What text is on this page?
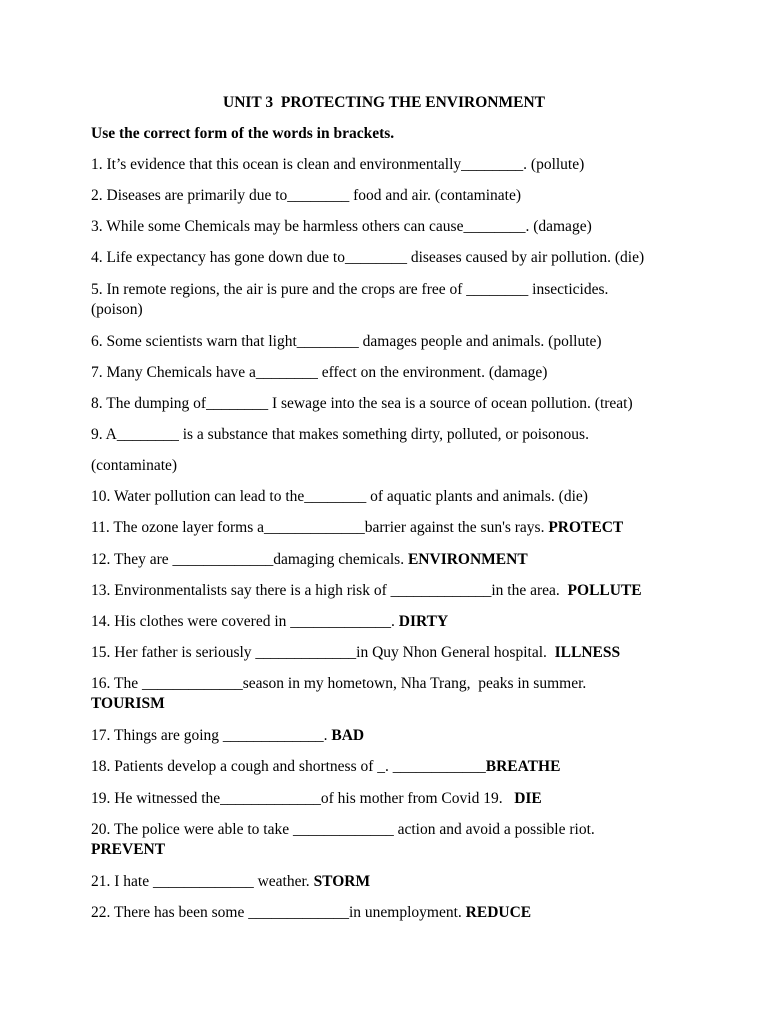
UNIT 3  PROTECTING THE ENVIRONMENT
Use the correct form of the words in brackets.
1. It’s evidence that this ocean is clean and environmentally________. (pollute)
2. Diseases are primarily due to________ food and air. (contaminate)
3. While some Chemicals may be harmless others can cause________. (damage)
4. Life expectancy has gone down due to________ diseases caused by air pollution. (die)
5. In remote regions, the air is pure and the crops are free of ________ insecticides.
(poison)
6. Some scientists warn that light________ damages people and animals. (pollute)
7. Many Chemicals have a________ effect on the environment. (damage)
8. The dumping of________ I sewage into the sea is a source of ocean pollution. (treat)
9. A________ is a substance that makes something dirty, polluted, or poisonous.
(contaminate)
10. Water pollution can lead to the________ of aquatic plants and animals. (die)
11. The ozone layer forms a_____________barrier against the sun's rays. PROTECT
12. They are _____________damaging chemicals. ENVIRONMENT
13. Environmentalists say there is a high risk of _____________in the area.  POLLUTE
14. His clothes were covered in _____________. DIRTY
15. Her father is seriously _____________in Quy Nhon General hospital.  ILLNESS
16. The _____________season in my hometown, Nha Trang,  peaks in summer.
TOURISM
17. Things are going _____________. BAD
18. Patients develop a cough and shortness of _. ____________BREATHE
19. He witnessed the_____________of his mother from Covid 19.   DIE
20. The police were able to take _____________ action and avoid a possible riot.
PREVENT
21. I hate _____________ weather. STORM
22. There has been some _____________in unemployment. REDUCE
